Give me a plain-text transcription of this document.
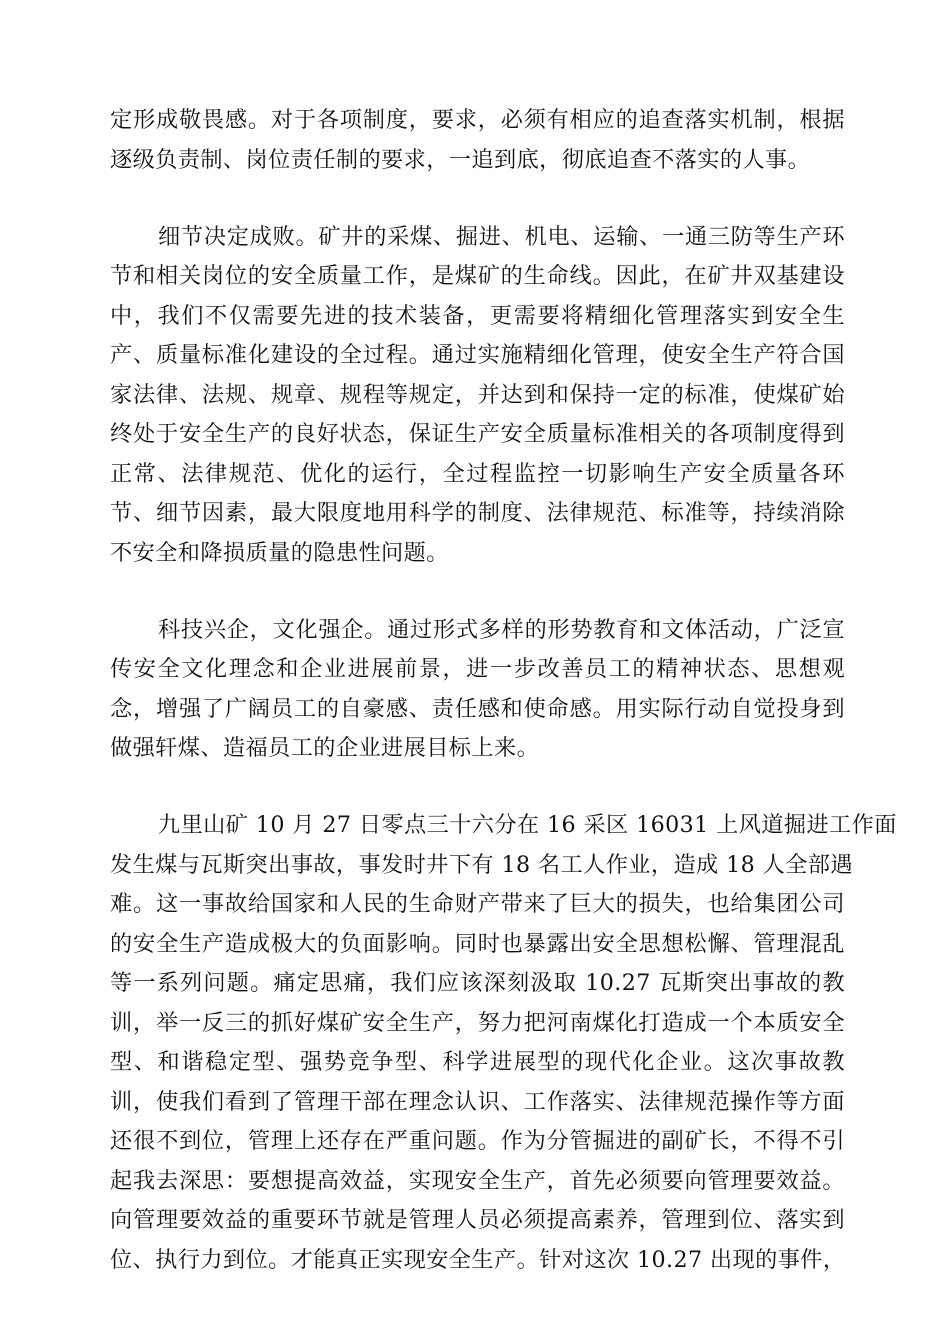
定形成敬畏感。对于各项制度，要求，必须有相应的追查落实机制，根据
逐级负责制、岗位责任制的要求，一追到底，彻底追查不落实的人事。
细节决定成败。矿井的采煤、掘进、机电、运输、一通三防等生产环
节和相关岗位的安全质量工作，是煤矿的生命线。因此，在矿井双基建设
中，我们不仅需要先进的技术装备，更需要将精细化管理落实到安全生
产、质量标准化建设的全过程。通过实施精细化管理，使安全生产符合国
家法律、法规、规章、规程等规定，并达到和保持一定的标准，使煤矿始
终处于安全生产的良好状态，保证生产安全质量标准相关的各项制度得到
正常、法律规范、优化的运行，全过程监控一切影响生产安全质量各环
节、细节因素，最大限度地用科学的制度、法律规范、标准等，持续消除
不安全和降损质量的隐患性问题。
科技兴企，文化强企。通过形式多样的形势教育和文体活动，广泛宣
传安全文化理念和企业进展前景，进一步改善员工的精神状态、思想观
念，增强了广阔员工的自豪感、责任感和使命感。用实际行动自觉投身到
做强轩煤、造福员工的企业进展目标上来。
九里山矿 10 月 27 日零点三十六分在 16 采区 16031 上风道掘进工作面
发生煤与瓦斯突出事故，事发时井下有 18 名工人作业，造成 18 人全部遇
难。这一事故给国家和人民的生命财产带来了巨大的损失，也给集团公司
的安全生产造成极大的负面影响。同时也暴露出安全思想松懈、管理混乱
等一系列问题。痛定思痛，我们应该深刻汲取 10.27 瓦斯突出事故的教
训，举一反三的抓好煤矿安全生产，努力把河南煤化打造成一个本质安全
型、和谐稳定型、强势竞争型、科学进展型的现代化企业。这次事故教
训，使我们看到了管理干部在理念认识、工作落实、法律规范操作等方面
还很不到位，管理上还存在严重问题。作为分管掘进的副矿长，不得不引
起我去深思：要想提高效益，实现安全生产，首先必须要向管理要效益。
向管理要效益的重要环节就是管理人员必须提高素养，管理到位、落实到
位、执行力到位。才能真正实现安全生产。针对这次 10.27 出现的事件，
